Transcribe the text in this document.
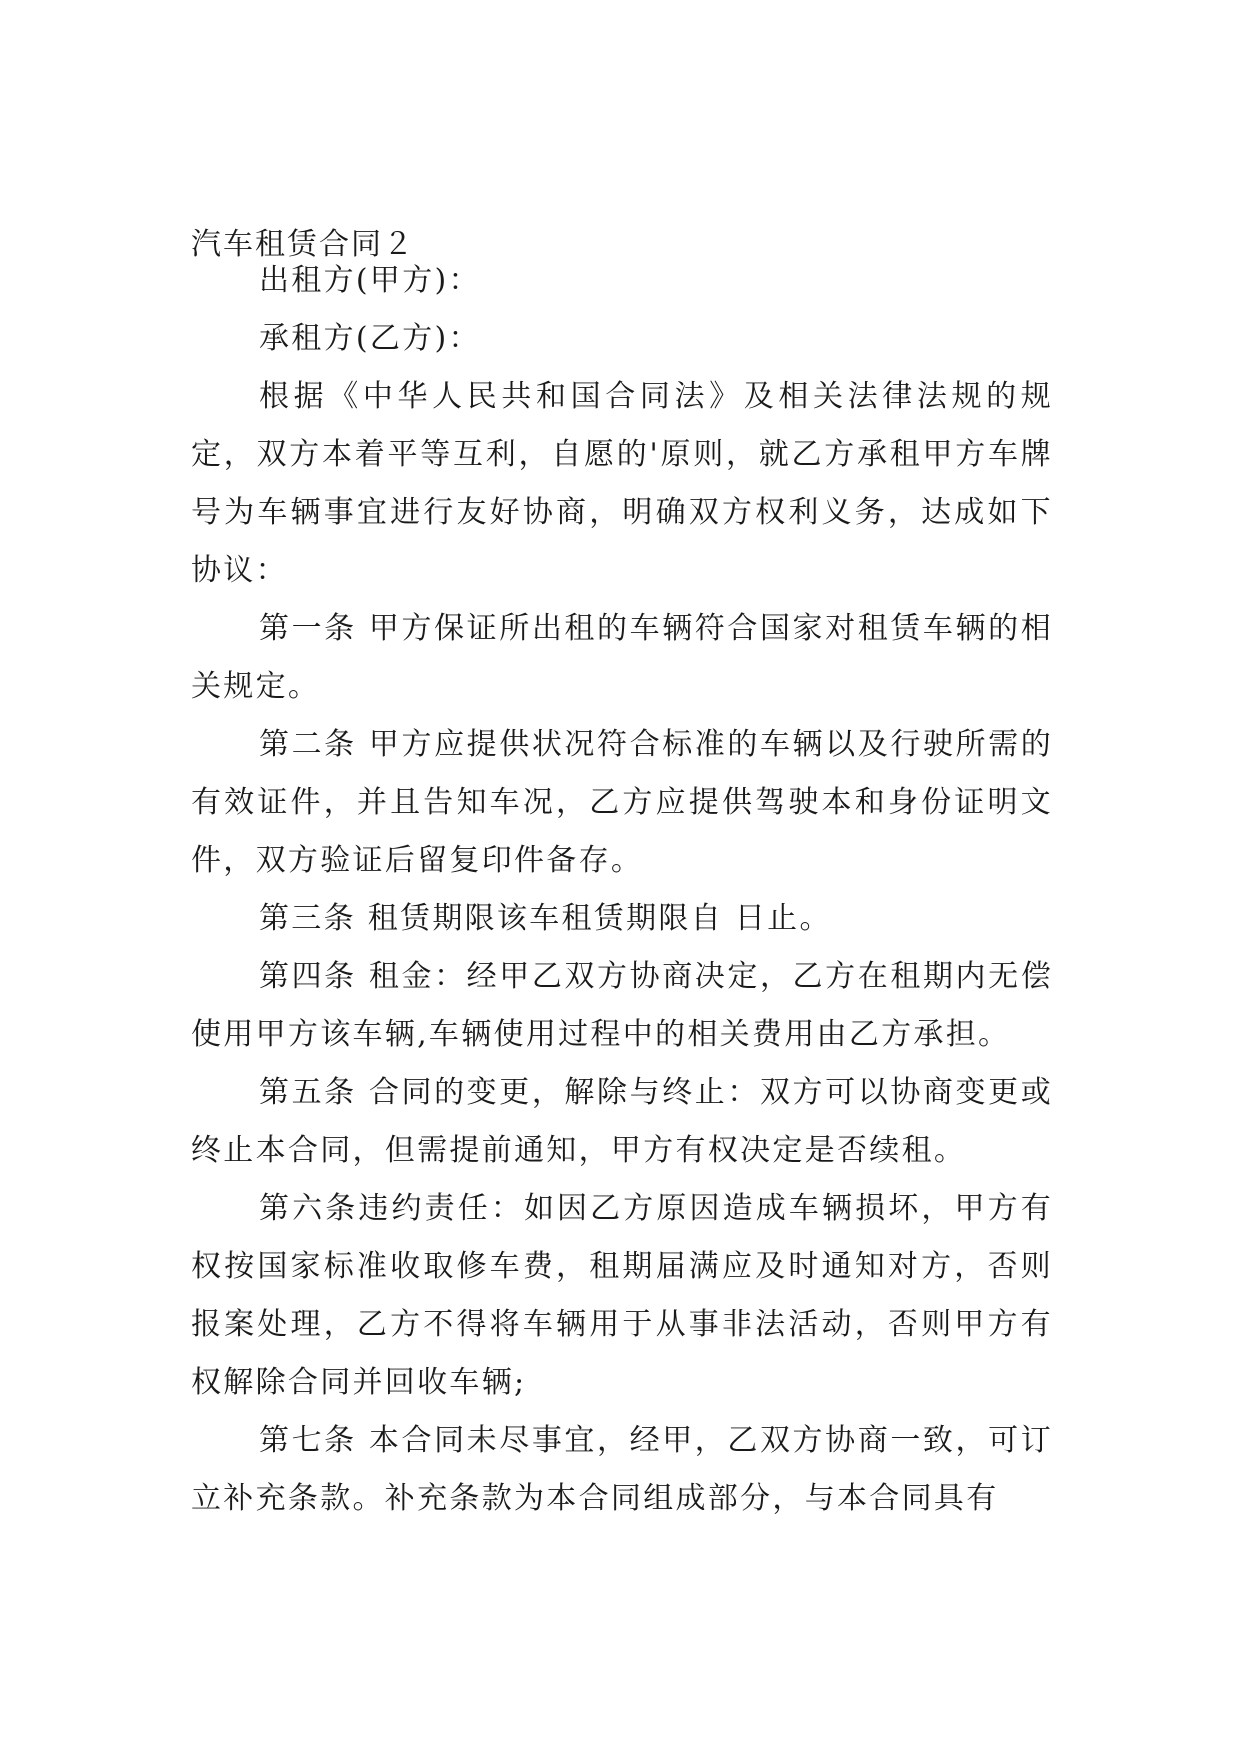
汽车租赁合同２

出租方(甲方)：

承租方(乙方)：

根据《中华人民共和国合同法》及相关法律法规的规定，双方本着平等互利，自愿的'原则，就乙方承租甲方车牌号为车辆事宜进行友好协商，明确双方权利义务，达成如下协议：

第一条 甲方保证所出租的车辆符合国家对租赁车辆的相关规定。

第二条 甲方应提供状况符合标准的车辆以及行驶所需的有效证件，并且告知车况，乙方应提供驾驶本和身份证明文件，双方验证后留复印件备存。

第三条 租赁期限该车租赁期限自 日止。

第四条 租金：经甲乙双方协商决定，乙方在租期内无偿使用甲方该车辆,车辆使用过程中的相关费用由乙方承担。

第五条 合同的变更，解除与终止：双方可以协商变更或终止本合同，但需提前通知，甲方有权决定是否续租。

第六条违约责任：如因乙方原因造成车辆损坏，甲方有权按国家标准收取修车费，租期届满应及时通知对方，否则报案处理，乙方不得将车辆用于从事非法活动，否则甲方有权解除合同并回收车辆;

第七条 本合同未尽事宜，经甲，乙双方协商一致，可订立补充条款。补充条款为本合同组成部分，与本合同具有
